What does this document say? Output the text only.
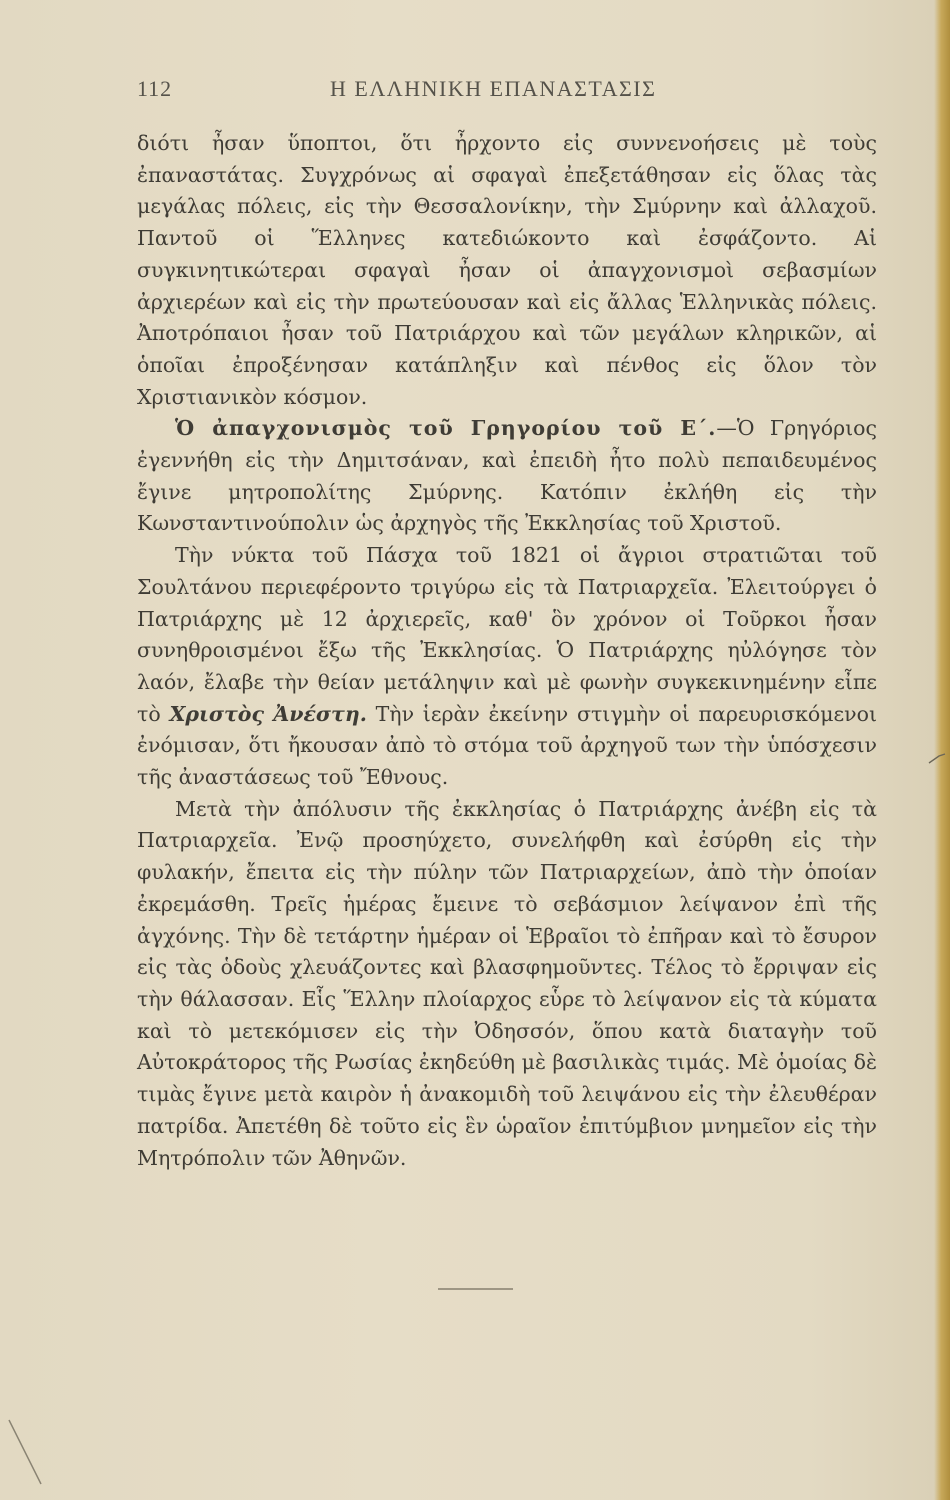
112	Η ΕΛΛΗΝΙΚΗ ΕΠΑΝΑΣΤΑΣΙΣ

διότι ἦσαν ὕποπτοι, ὅτι ἦρχοντο εἰς συννενοήσεις μὲ τοὺς ἐπαναστάτας. Συγχρόνως αἱ σφαγαὶ ἐπεξετάθησαν εἰς ὅλας τὰς μεγάλας πόλεις, εἰς τὴν Θεσσαλονίκην, τὴν Σμύρνην καὶ ἀλλαχοῦ. Παντοῦ οἱ Ἕλληνες κατεδιώκοντο καὶ ἐσφάζοντο. Αἱ συγκινητικώτεραι σφαγαὶ ἦσαν οἱ ἀπαγχονισμοὶ σεβασμίων ἀρχιερέων καὶ εἰς τὴν πρωτεύουσαν καὶ εἰς ἄλλας Ἑλληνικὰς πόλεις. Ἀποτρόπαιοι ἦσαν τοῦ Πατριάρχου καὶ τῶν μεγάλων κληρικῶν, αἱ ὁποῖαι ἐπροξένησαν κατάπληξιν καὶ πένθος εἰς ὅλον τὸν Χριστιανικὸν κόσμον.

Ὁ ἀπαγχονισμὸς τοῦ Γρηγορίου τοῦ Ε΄.—Ὁ Γρηγόριος ἐγεννήθη εἰς τὴν Δημιτσάναν, καὶ ἐπειδὴ ἦτο πολὺ πεπαιδευμένος ἔγινε μητροπολίτης Σμύρνης. Κατόπιν ἐκλήθη εἰς τὴν Κωνσταντινούπολιν ὡς ἀρχηγὸς τῆς Ἐκκλησίας τοῦ Χριστοῦ.

Τὴν νύκτα τοῦ Πάσχα τοῦ 1821 οἱ ἄγριοι στρατιῶται τοῦ Σουλτάνου περιεφέροντο τριγύρω εἰς τὰ Πατριαρχεῖα. Ἐλειτούργει ὁ Πατριάρχης μὲ 12 ἀρχιερεῖς, καθ' ὃν χρόνον οἱ Τοῦρκοι ἦσαν συνηθροισμένοι ἔξω τῆς Ἐκκλησίας. Ὁ Πατριάρχης ηὐλόγησε τὸν λαόν, ἔλαβε τὴν θείαν μετάληψιν καὶ μὲ φωνὴν συγκεκινημένην εἶπε τὸ Χριστὸς Ἀνέστη. Τὴν ἱερὰν ἐκείνην στιγμὴν οἱ παρευρισκόμενοι ἐνόμισαν, ὅτι ἤκουσαν ἀπὸ τὸ στόμα τοῦ ἀρχηγοῦ των τὴν ὑπόσχεσιν τῆς ἀναστάσεως τοῦ Ἔθνους.

Μετὰ τὴν ἀπόλυσιν τῆς ἐκκλησίας ὁ Πατριάρχης ἀνέβη εἰς τὰ Πατριαρχεῖα. Ἐνῷ προσηύχετο, συνελήφθη καὶ ἐσύρθη εἰς τὴν φυλακήν, ἔπειτα εἰς τὴν πύλην τῶν Πατριαρχείων, ἀπὸ τὴν ὁποίαν ἐκρεμάσθη. Τρεῖς ἡμέρας ἔμεινε τὸ σεβάσμιον λείψανον ἐπὶ τῆς ἀγχόνης. Τὴν δὲ τετάρτην ἡμέραν οἱ Ἑβραῖοι τὸ ἐπῆραν καὶ τὸ ἔσυρον εἰς τὰς ὁδοὺς χλευάζοντες καὶ βλασφημοῦντες. Τέλος τὸ ἔρριψαν εἰς τὴν θάλασσαν. Εἷς Ἕλλην πλοίαρχος εὗρε τὸ λείψανον εἰς τὰ κύματα καὶ τὸ μετεκόμισεν εἰς τὴν Ὀδησσόν, ὅπου κατὰ διαταγὴν τοῦ Αὐτοκράτορος τῆς Ρωσίας ἐκηδεύθη μὲ βασιλικὰς τιμάς. Μὲ ὁμοίας δὲ τιμὰς ἔγινε μετὰ καιρὸν ἡ ἀνακομιδὴ τοῦ λειψάνου εἰς τὴν ἐλευθέραν πατρίδα. Ἀπετέθη δὲ τοῦτο εἰς ἓν ὡραῖον ἐπιτύμβιον μνημεῖον εἰς τὴν Μητρόπολιν τῶν Ἀθηνῶν.
